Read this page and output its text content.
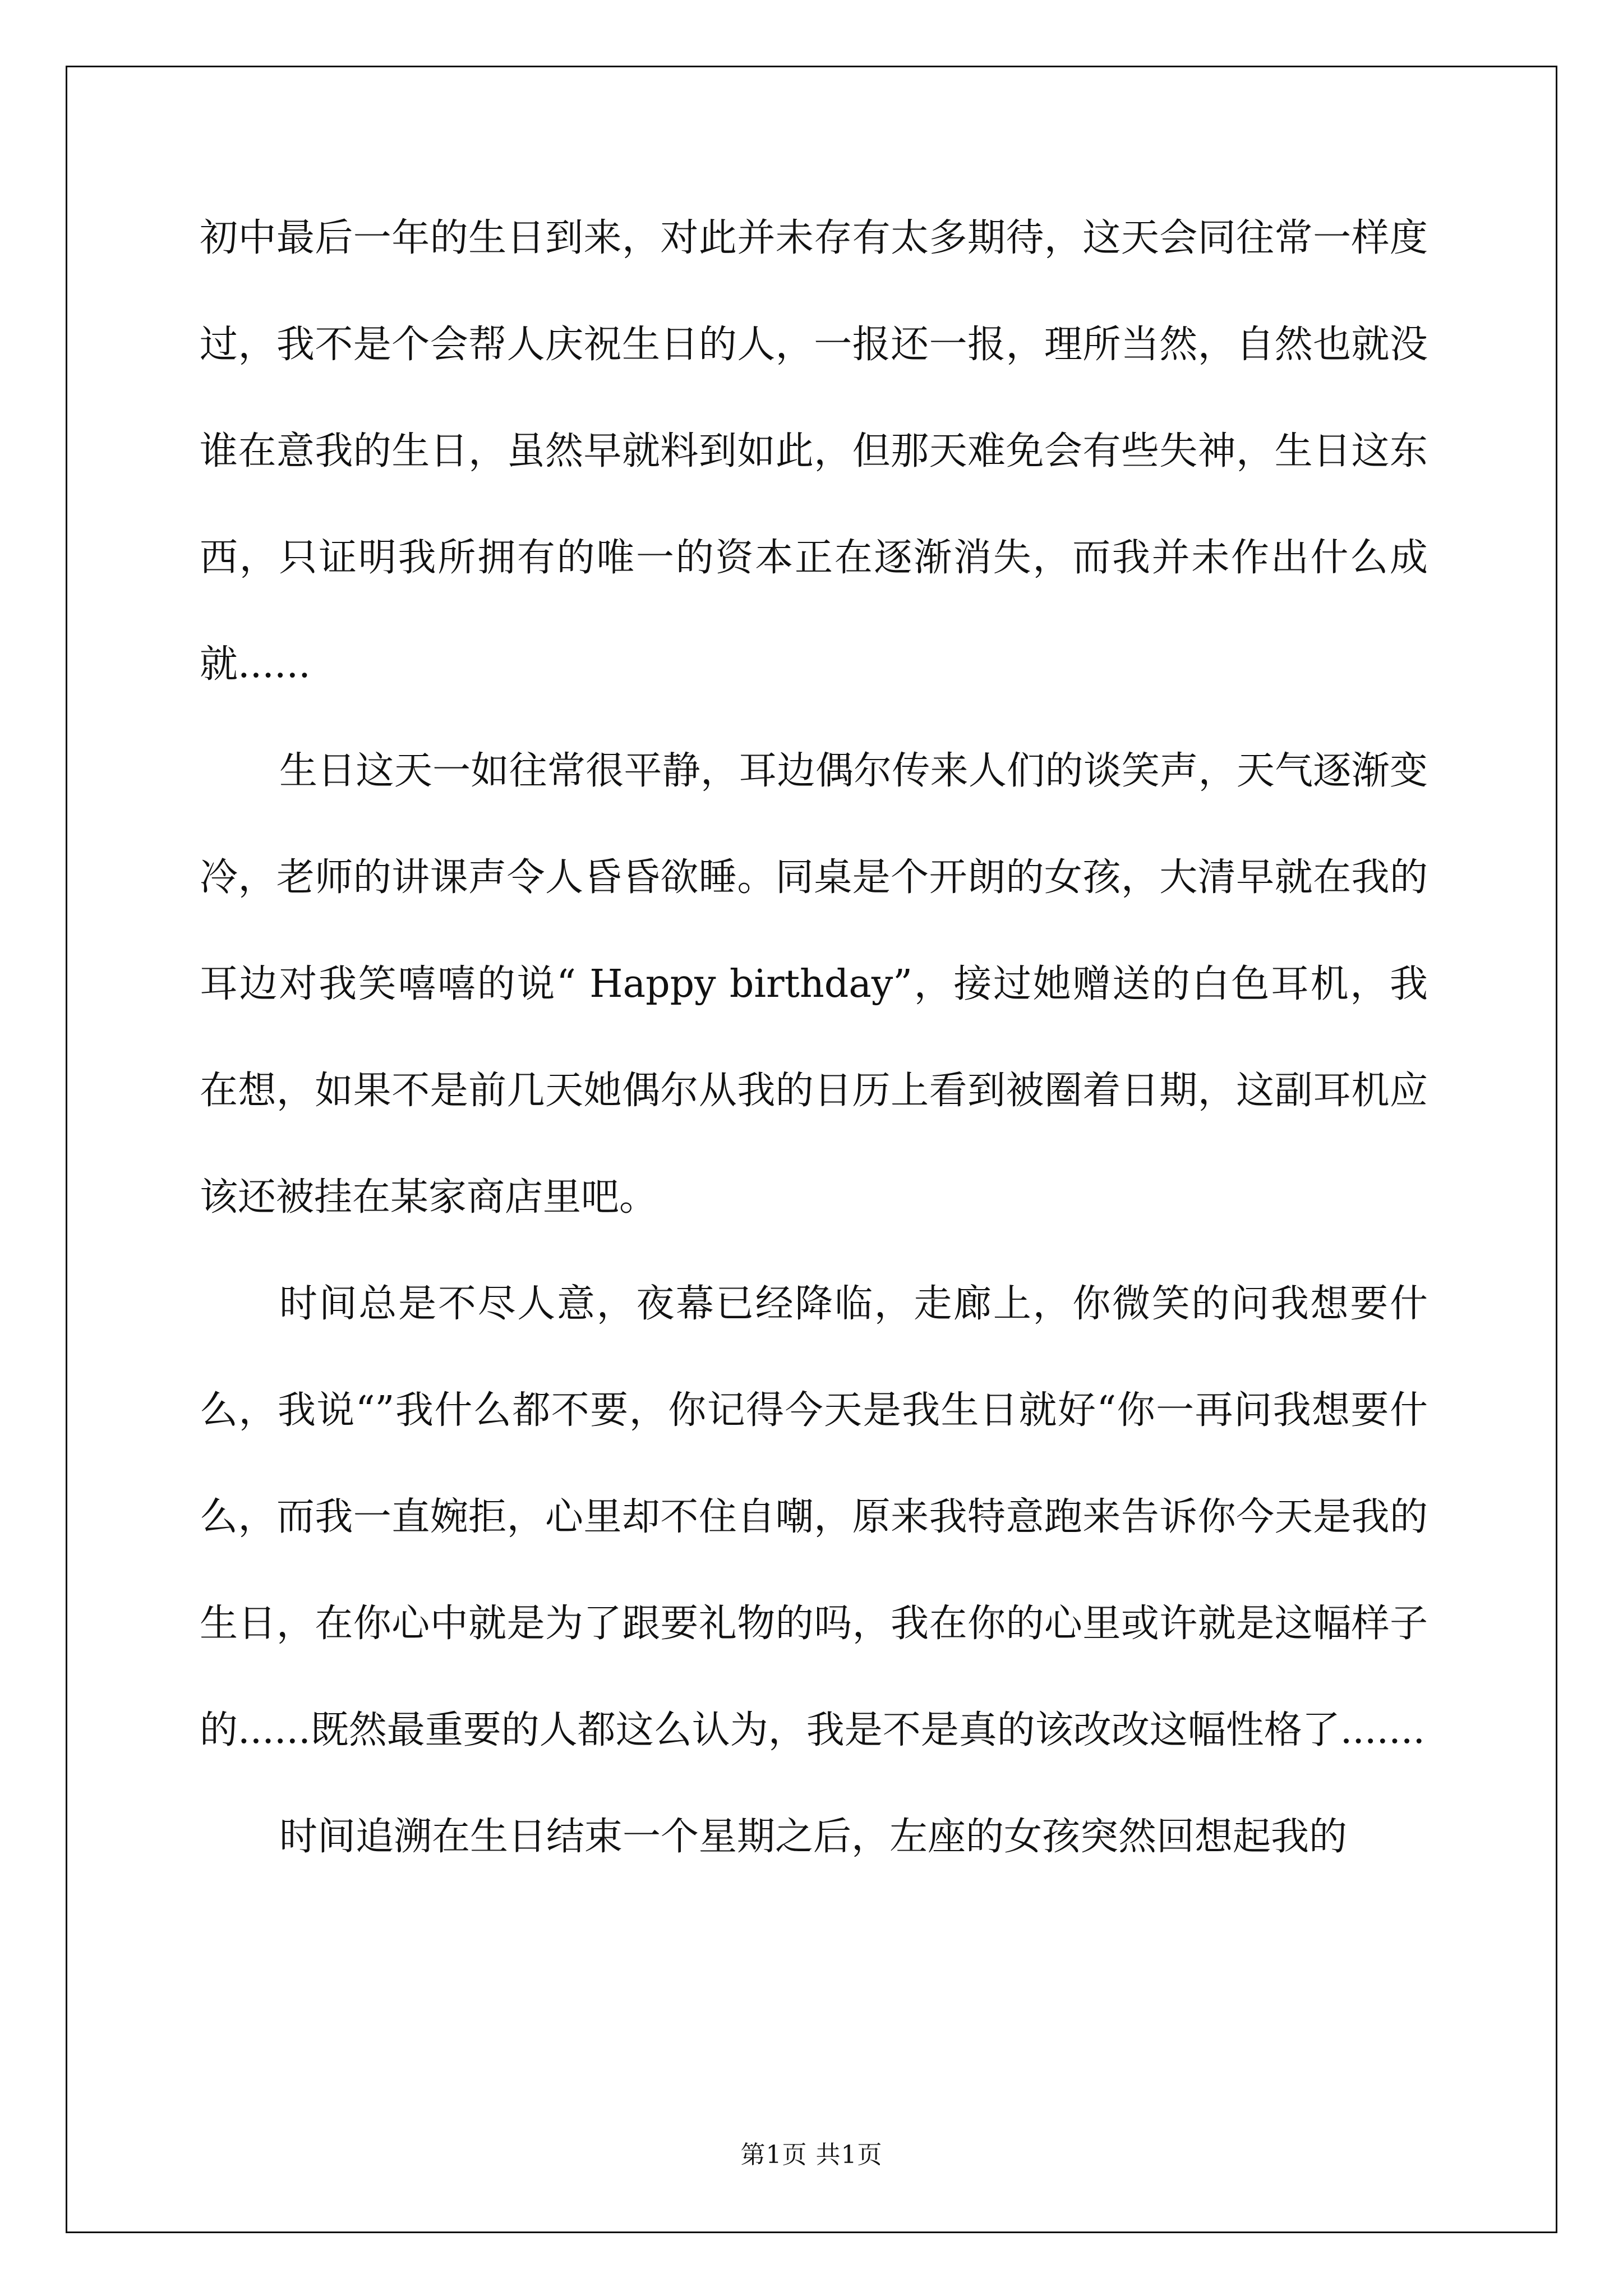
初中最后一年的生日到来，对此并未存有太多期待，这天会同往常一样度过，我不是个会帮人庆祝生日的人，一报还一报，理所当然，自然也就没谁在意我的生日，虽然早就料到如此，但那天难免会有些失神，生日这东西，只证明我所拥有的唯一的资本正在逐渐消失，而我并未作出什么成就......

生日这天一如往常很平静，耳边偶尔传来人们的谈笑声，天气逐渐变冷，老师的讲课声令人昏昏欲睡。同桌是个开朗的女孩，大清早就在我的耳边对我笑嘻嘻的说“ Happy birthday”，接过她赠送的白色耳机，我在想，如果不是前几天她偶尔从我的日历上看到被圈着日期，这副耳机应该还被挂在某家商店里吧。

时间总是不尽人意，夜幕已经降临，走廊上，你微笑的问我想要什么，我说“”我什么都不要，你记得今天是我生日就好“你一再问我想要什么，而我一直婉拒，心里却不住自嘲，原来我特意跑来告诉你今天是我的生日，在你心中就是为了跟要礼物的吗，我在你的心里或许就是这幅样子的......既然最重要的人都这么认为，我是不是真的该改改这幅性格了.......

时间追溯在生日结束一个星期之后，左座的女孩突然回想起我的

第1页 共1页
